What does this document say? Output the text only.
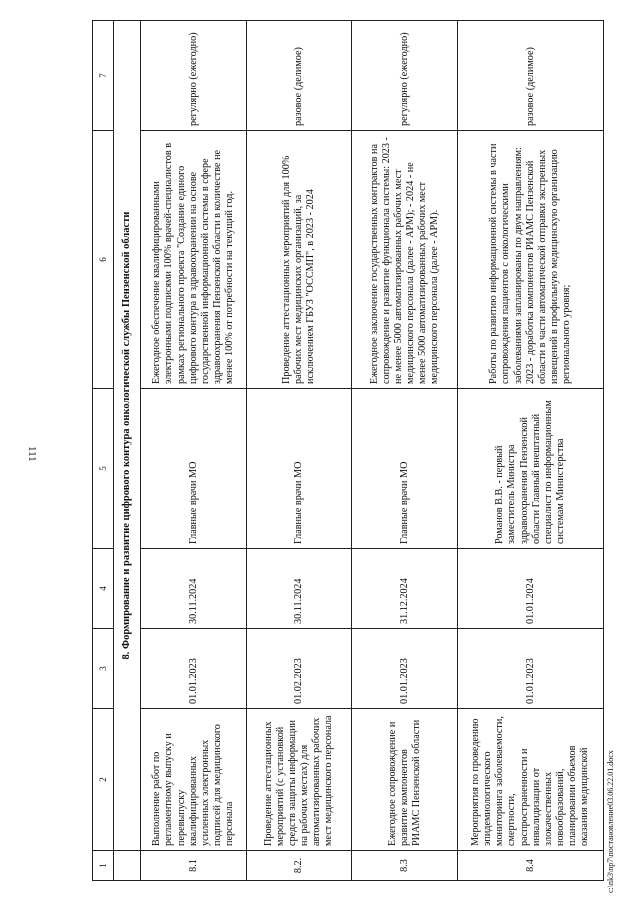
111
1	2	3	4	5	6	7
	8. Формирование и развитие цифрового контура онкологической службы Пензенской области					
8.1	Выполнение работ по регламентному выпуску и перевыпуску квалифицированных усиленных электронных подписей для медицинского персонала	01.01.2023	30.11.2024	Главные врачи МО	Ежегодное обеспечение квалифицированными электронными подписями 100% врачей-специалистов в рамках регионального проекта "Создание единого цифрового контура в здравоохранении на основе государственной информационной системы в сфере здравоохранения Пензенской области в количестве не менее 100% от потребности на текущий год.	регулярно (ежегодно)
8.2.	Проведение аттестационных мероприятий (с установкой средств защиты информации на рабочих местах) для автоматизированных рабочих мест медицинского персонала	01.02.2023	30.11.2024	Главные врачи МО	Проведение аттестационных мероприятий для 100% рабочих мест медицинских организаций, за исключением ГБУЗ "ОССМП", в 2023 - 2024	разовое (делимое)
8.3	Ежегодное сопровождение и развитие компонентов РИАМС Пензенской области	01.01.2023	31.12.2024	Главные врачи МО	Ежегодное заключение государственных контрактов на сопровождение и развитие функционала системы: 2023 - не менее 5000 автоматизированных рабочих мест медицинского персонала (далее - АРМ); - 2024 - не менее 5000 автоматизированных рабочих мест медицинского персонала (далее - АРМ).	регулярно (ежегодно)
8.4	Мероприятия по проведению эпидемиологического мониторинга заболеваемости, смертности, распространенности и инвалидизации от злокачественных новообразований, планировании объемов оказания медицинской	01.01.2023	01.01.2024	Романов В.В. - первый заместитель Министра здравоохранения Пензенской области Главный внештатный специалист по информационным системам Министерства	Работы по развитию информационной системы в части сопровождения пациентов с онкологическими заболеваниями запланированы по двум направлениям: 2023 - доработка компонентов РИАМС Пензенской области в части автоматической отправки экстренных извещений в профильную медицинскую организацию регионального уровня;	разовое (делимое)
c:\nk3\np7\постановление03.06.22.01.docx
